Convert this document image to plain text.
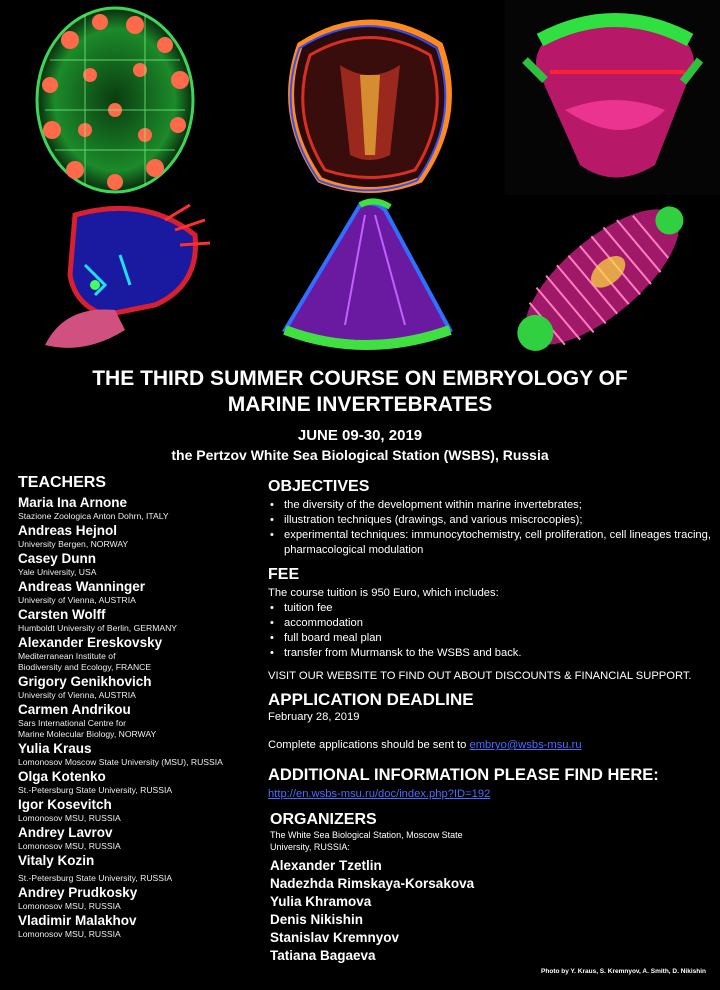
THE THIRD SUMMER COURSE ON EMBRYOLOGY OF
MARINE INVERTEBRATES
JUNE 09-30, 2019
the Pertzov White Sea Biological Station (WSBS), Russia
TEACHERS
Maria Ina Arnone
Stazione Zoologica Anton Dohrn, ITALY
Andreas Hejnol
University Bergen, NORWAY
Casey Dunn
Yale University, USA
Andreas Wanninger
University of Vienna, AUSTRIA
Carsten Wolff
Humboldt University of Berlin, GERMANY
Alexander Ereskovsky
Mediterranean Institute of
Biodiversity and Ecology, FRANCE
Grigory Genikhovich
University of Vienna, AUSTRIA
Carmen Andrikou
Sars International Centre for
Marine Molecular Biology, NORWAY
Yulia Kraus
Lomonosov Moscow State University (MSU), RUSSIA
Olga Kotenko
St.-Petersburg State University, RUSSIA
Igor Kosevitch
Lomonosov MSU, RUSSIA
Andrey Lavrov
Lomonosov MSU, RUSSIA
Vitaly Kozin
St.-Petersburg State University, RUSSIA
Andrey Prudkosky
Lomonosov MSU, RUSSIA
Vladimir Malakhov
Lomonosov MSU, RUSSIA
OBJECTIVES
• the diversity of the development within marine invertebrates;
• illustration techniques (drawings, and various miscrocopies);
• experimental techniques: immunocytochemistry, cell proliferation, cell lineages tracing, pharmacological modulation
FEE
The course tuition is 950 Euro, which includes:
• tuition fee
• accommodation
• full board meal plan
• transfer from Murmansk to the WSBS and back.
VISIT OUR WEBSITE TO FIND OUT ABOUT DISCOUNTS & FINANCIAL SUPPORT.
APPLICATION DEADLINE
February 28, 2019
Complete applications should be sent to embryo@wsbs-msu.ru
ADDITIONAL INFORMATION PLEASE FIND HERE:
http://en.wsbs-msu.ru/doc/index.php?ID=192
ORGANIZERS
The White Sea Biological Station, Moscow State
University, RUSSIA:
Alexander Tzetlin
Nadezhda Rimskaya-Korsakova
Yulia Khramova
Denis Nikishin
Stanislav Kremnyov
Tatiana Bagaeva
Photo by Y. Kraus, S. Kremnyov, A. Smith, D. Nikishin
